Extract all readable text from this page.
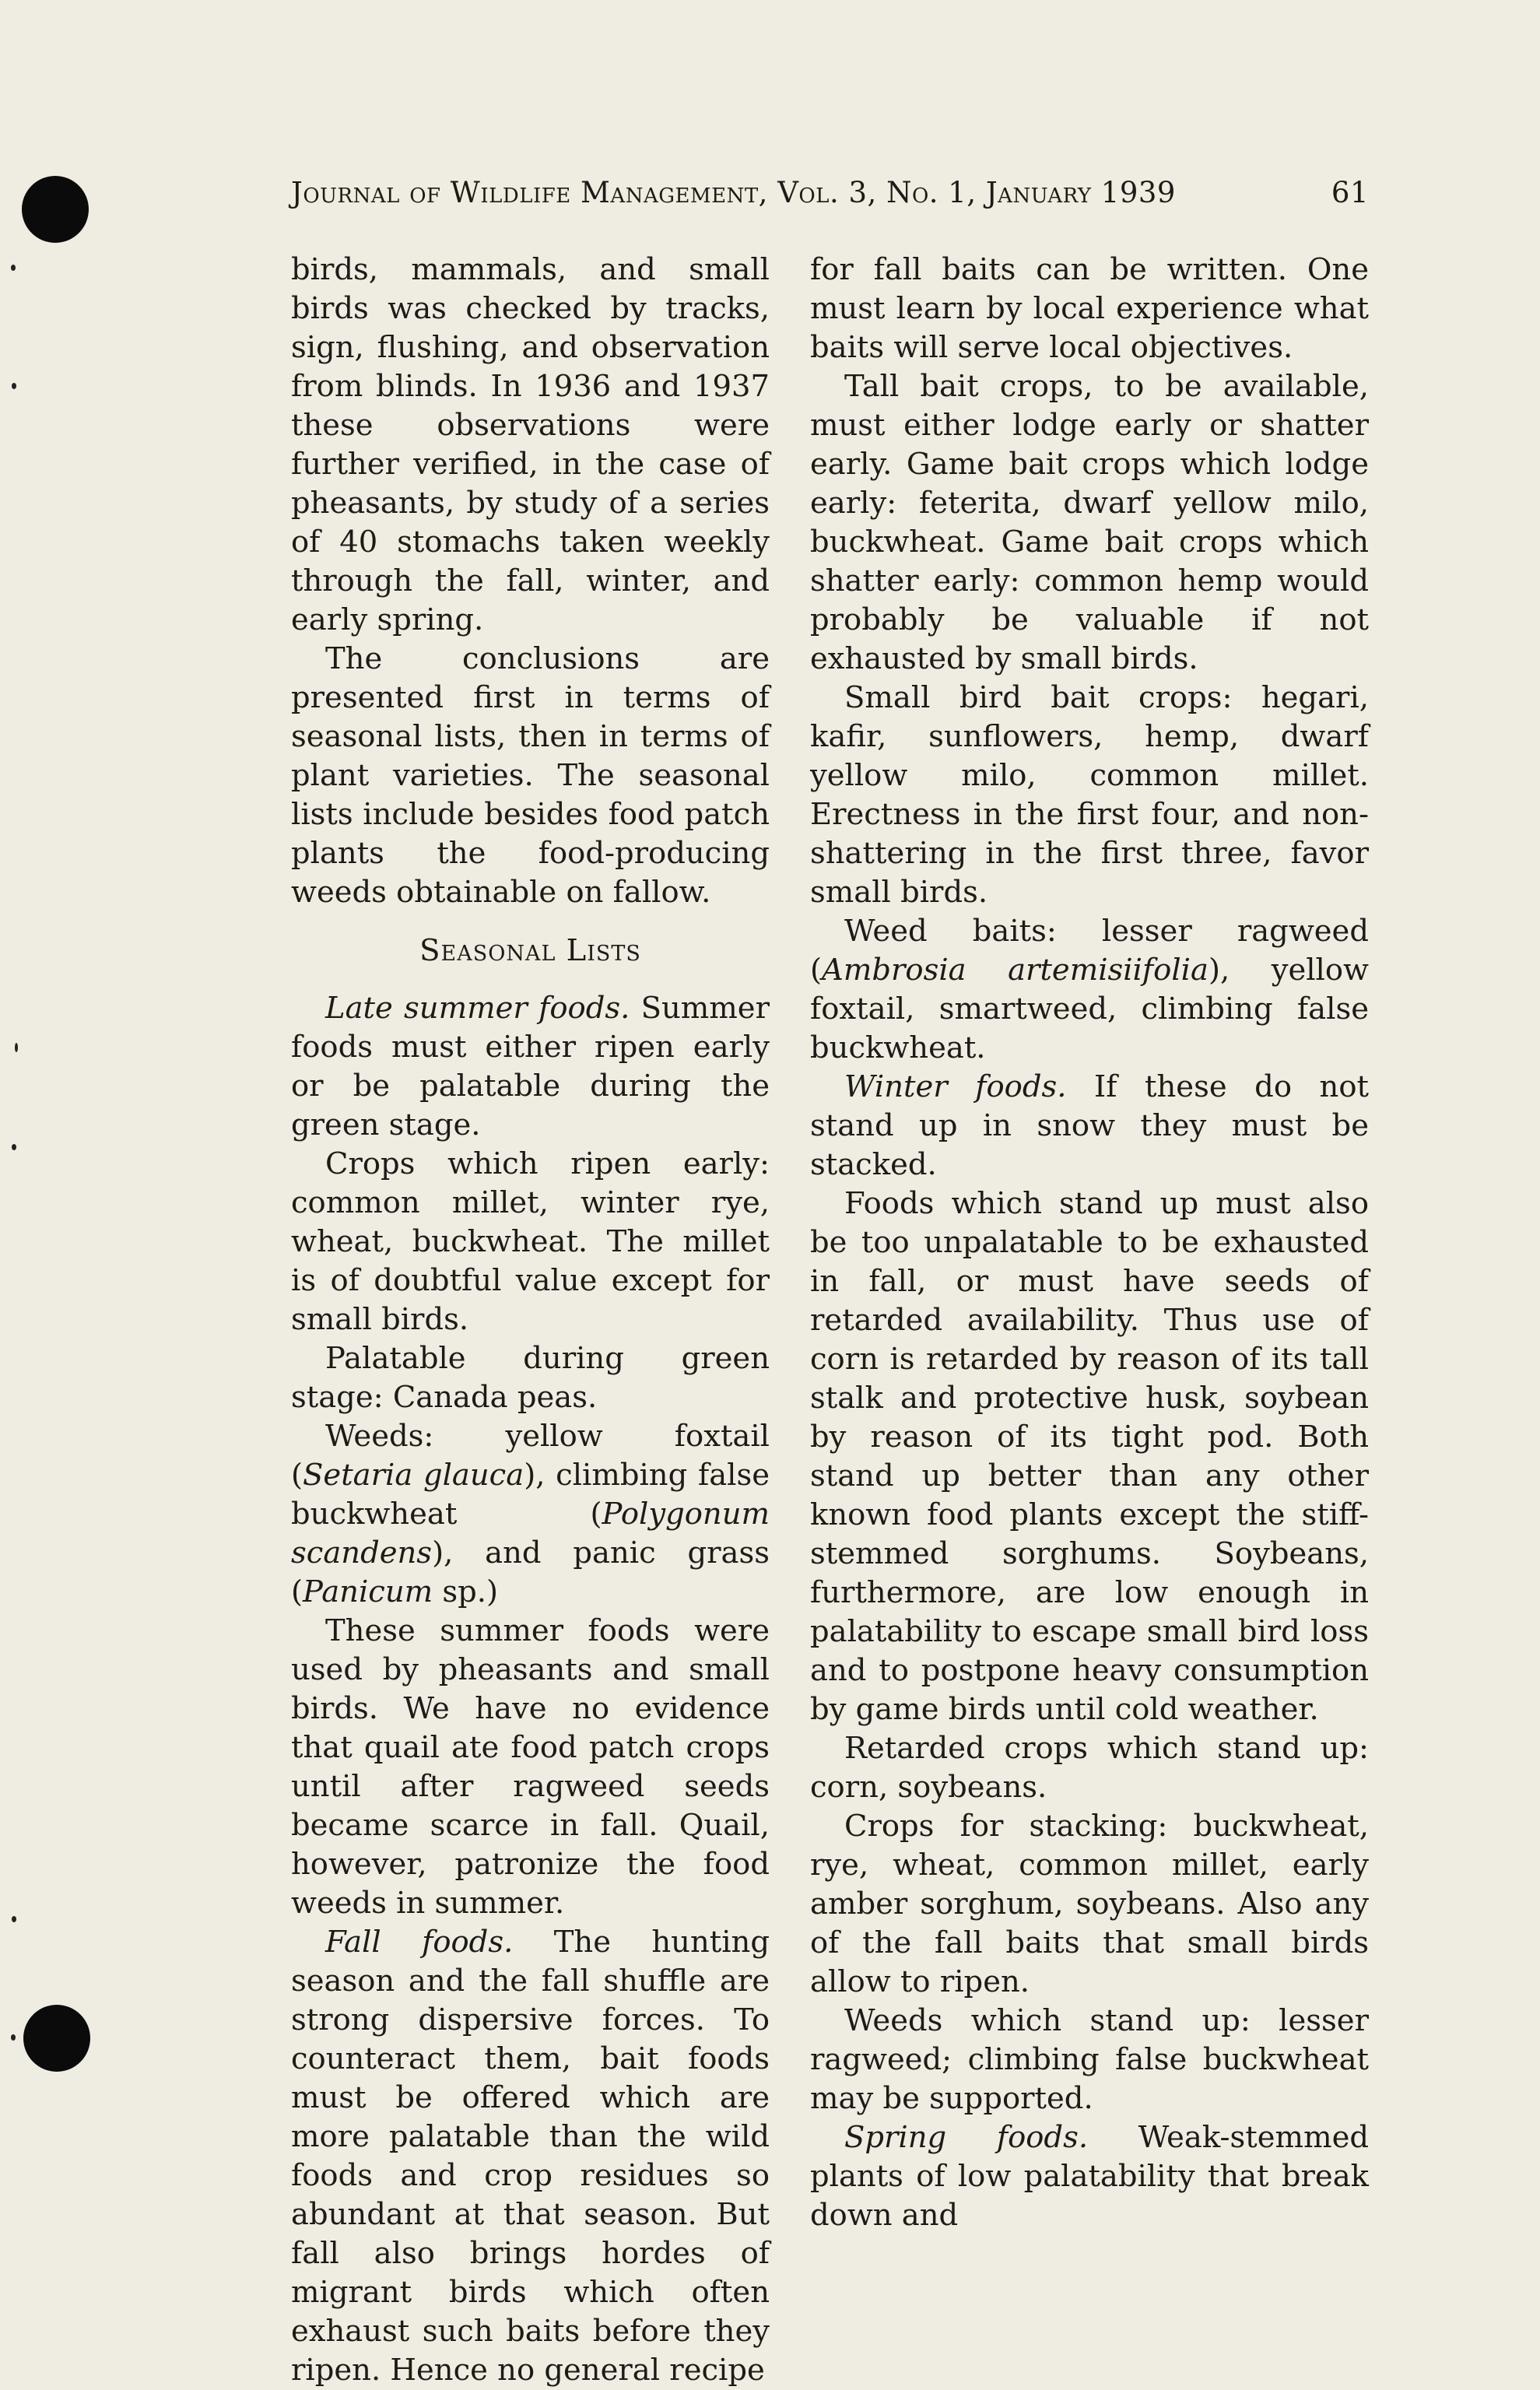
Journal of Wildlife Management, Vol. 3, No. 1, January 1939	61

birds, mammals, and small birds was checked by tracks, sign, flushing, and observation from blinds. In 1936 and 1937 these observations were further verified, in the case of pheasants, by study of a series of 40 stomachs taken weekly through the fall, winter, and early spring.

The conclusions are presented first in terms of seasonal lists, then in terms of plant varieties. The seasonal lists include besides food patch plants the food-producing weeds obtainable on fallow.

Seasonal Lists

Late summer foods. Summer foods must either ripen early or be palatable during the green stage.

Crops which ripen early: common millet, winter rye, wheat, buckwheat. The millet is of doubtful value except for small birds.

Palatable during green stage: Canada peas.

Weeds: yellow foxtail (Setaria glauca), climbing false buckwheat (Polygonum scandens), and panic grass (Panicum sp.)

These summer foods were used by pheasants and small birds. We have no evidence that quail ate food patch crops until after ragweed seeds became scarce in fall. Quail, however, patronize the food weeds in summer.

Fall foods. The hunting season and the fall shuffle are strong dispersive forces. To counteract them, bait foods must be offered which are more palatable than the wild foods and crop residues so abundant at that season. But fall also brings hordes of migrant birds which often exhaust such baits before they ripen. Hence no general recipe

for fall baits can be written. One must learn by local experience what baits will serve local objectives.

Tall bait crops, to be available, must either lodge early or shatter early. Game bait crops which lodge early: feterita, dwarf yellow milo, buckwheat. Game bait crops which shatter early: common hemp would probably be valuable if not exhausted by small birds.

Small bird bait crops: hegari, kafir, sunflowers, hemp, dwarf yellow milo, common millet. Erectness in the first four, and non-shattering in the first three, favor small birds.

Weed baits: lesser ragweed (Ambrosia artemisiifolia), yellow foxtail, smartweed, climbing false buckwheat.

Winter foods. If these do not stand up in snow they must be stacked.

Foods which stand up must also be too unpalatable to be exhausted in fall, or must have seeds of retarded availability. Thus use of corn is retarded by reason of its tall stalk and protective husk, soybean by reason of its tight pod. Both stand up better than any other known food plants except the stiff-stemmed sorghums. Soybeans, furthermore, are low enough in palatability to escape small bird loss and to postpone heavy consumption by game birds until cold weather.

Retarded crops which stand up: corn, soybeans.

Crops for stacking: buckwheat, rye, wheat, common millet, early amber sorghum, soybeans. Also any of the fall baits that small birds allow to ripen.

Weeds which stand up: lesser ragweed; climbing false buckwheat may be supported.

Spring foods. Weak-stemmed plants of low palatability that break down and
